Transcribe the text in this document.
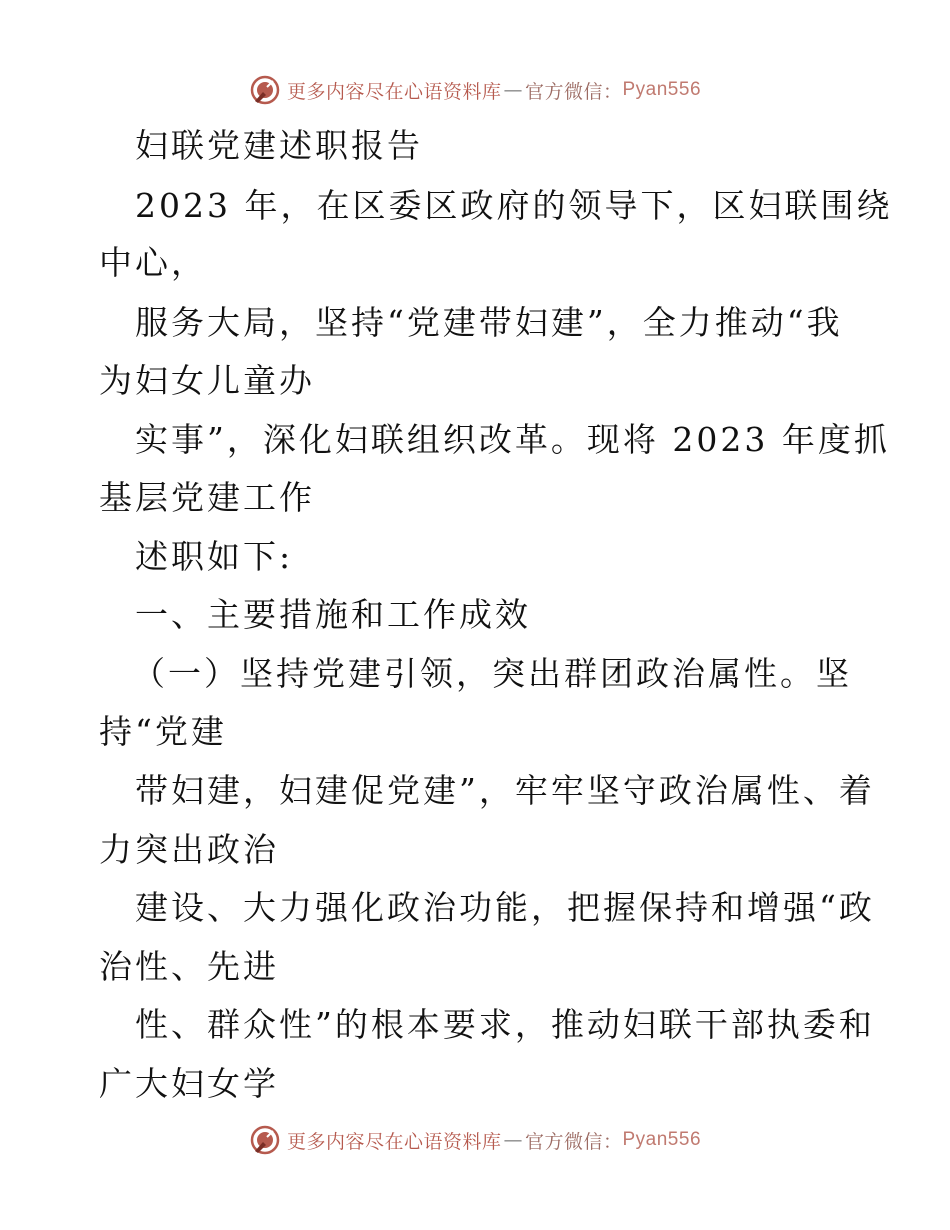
更多内容尽在心语资料库 — 官方微信： Pyan556
妇联党建述职报告
2023 年，在区委区政府的领导下，区妇联围绕
中心，
服务大局，坚持“党建带妇建”，全力推动“我
为妇女儿童办
实事”，深化妇联组织改革。现将 2023 年度抓
基层党建工作
述职如下:
一、主要措施和工作成效
（一）坚持党建引领，突出群团政治属性。坚
持“党建
带妇建，妇建促党建”，牢牢坚守政治属性、着
力突出政治
建设、大力强化政治功能，把握保持和增强“政
治性、先进
性、群众性”的根本要求，推动妇联干部执委和
广大妇女学
更多内容尽在心语资料库 — 官方微信： Pyan556
